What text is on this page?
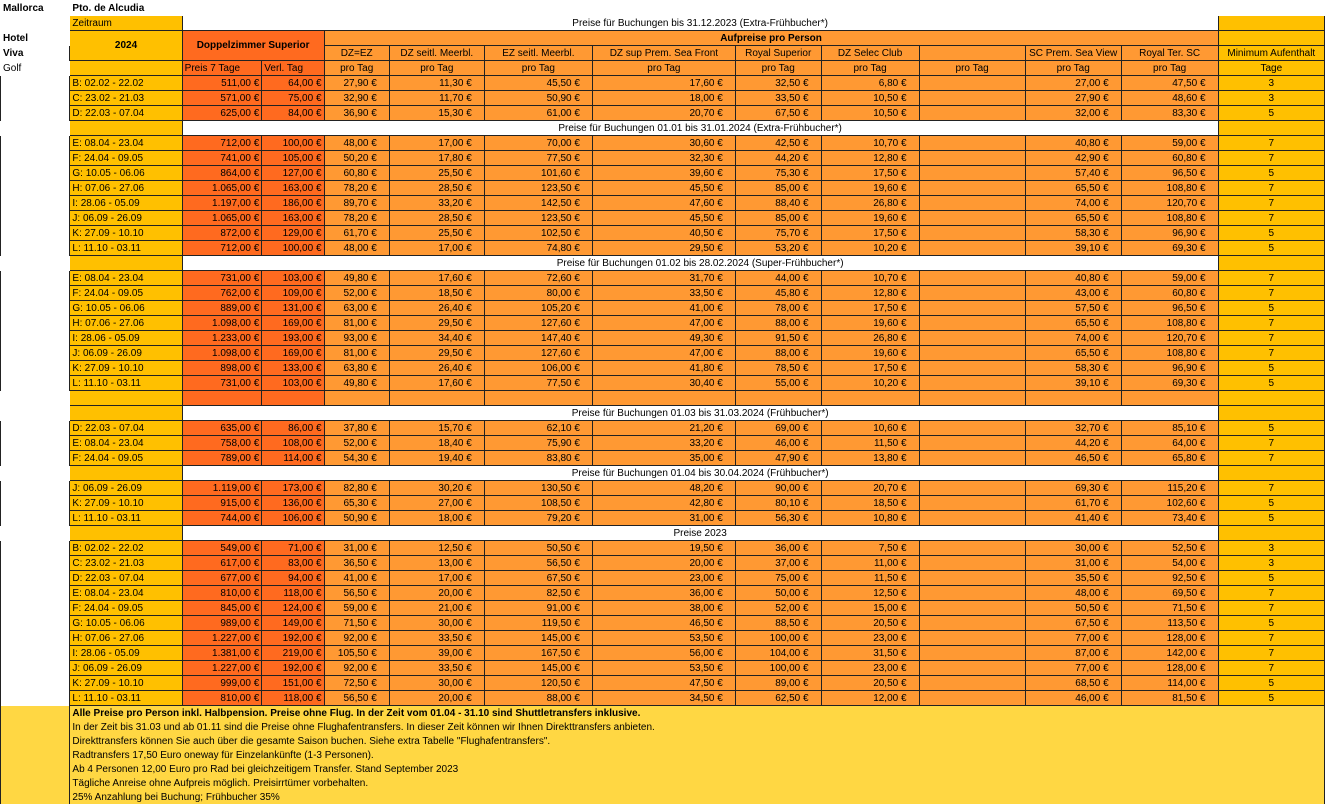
Mallorca	Pto. de Alcudia												
	Zeitraum	Preise für Buchungen bis 31.12.2023 (Extra-Frühbucher*)											
Hotel	2024	Doppelzimmer Superior		Aufpreise pro Person									
Viva				DZ=EZ	DZ seitl. Meerbl.	EZ seitl. Meerbl.	DZ sup Prem. Sea Front	Royal Superior	DZ Selec Club		SC Prem. Sea View	Royal Ter. SC	Minimum Aufenthalt
Golf		Preis 7 Tage	Verl. Tag	pro Tag	pro Tag	pro Tag	pro Tag	pro Tag	pro Tag	pro Tag	pro Tag	pro Tag	Tage
	B: 02.02 - 22.02	511,00 €	64,00 €	27,90 €	11,30 €	45,50 €	17,60 €	32,50 €	6,80 €		27,00 €	47,50 €	3
	C: 23.02 - 21.03	571,00 €	75,00 €	32,90 €	11,70 €	50,90 €	18,00 €	33,50 €	10,50 €		27,90 €	48,60 €	3
	D: 22.03 - 07.04	625,00 €	84,00 €	36,90 €	15,30 €	61,00 €	20,70 €	67,50 €	10,50 €		32,00 €	83,30 €	5
		Preise für Buchungen 01.01 bis 31.01.2024 (Extra-Frühbucher*)											
	E: 08.04 - 23.04	712,00 €	100,00 €	48,00 €	17,00 €	70,00 €	30,60 €	42,50 €	10,70 €		40,80 €	59,00 €	7
	F: 24.04 - 09.05	741,00 €	105,00 €	50,20 €	17,80 €	77,50 €	32,30 €	44,20 €	12,80 €		42,90 €	60,80 €	7
	G: 10.05 - 06.06	864,00 €	127,00 €	60,80 €	25,50 €	101,60 €	39,60 €	75,30 €	17,50 €		57,40 €	96,50 €	5
	H: 07.06 - 27.06	1.065,00 €	163,00 €	78,20 €	28,50 €	123,50 €	45,50 €	85,00 €	19,60 €		65,50 €	108,80 €	7
	I: 28.06 - 05.09	1.197,00 €	186,00 €	89,70 €	33,20 €	142,50 €	47,60 €	88,40 €	26,80 €		74,00 €	120,70 €	7
	J: 06.09 - 26.09	1.065,00 €	163,00 €	78,20 €	28,50 €	123,50 €	45,50 €	85,00 €	19,60 €		65,50 €	108,80 €	7
	K: 27.09 - 10.10	872,00 €	129,00 €	61,70 €	25,50 €	102,50 €	40,50 €	75,70 €	17,50 €		58,30 €	96,90 €	5
	L: 11.10 - 03.11	712,00 €	100,00 €	48,00 €	17,00 €	74,80 €	29,50 €	53,20 €	10,20 €		39,10 €	69,30 €	5
		Preise für Buchungen 01.02 bis 28.02.2024 (Super-Frühbucher*)											
	E: 08.04 - 23.04	731,00 €	103,00 €	49,80 €	17,60 €	72,60 €	31,70 €	44,00 €	10,70 €		40,80 €	59,00 €	7
	F: 24.04 - 09.05	762,00 €	109,00 €	52,00 €	18,50 €	80,00 €	33,50 €	45,80 €	12,80 €		43,00 €	60,80 €	7
	G: 10.05 - 06.06	889,00 €	131,00 €	63,00 €	26,40 €	105,20 €	41,00 €	78,00 €	17,50 €		57,50 €	96,50 €	5
	H: 07.06 - 27.06	1.098,00 €	169,00 €	81,00 €	29,50 €	127,60 €	47,00 €	88,00 €	19,60 €		65,50 €	108,80 €	7
	I: 28.06 - 05.09	1.233,00 €	193,00 €	93,00 €	34,40 €	147,40 €	49,30 €	91,50 €	26,80 €		74,00 €	120,70 €	7
	J: 06.09 - 26.09	1.098,00 €	169,00 €	81,00 €	29,50 €	127,60 €	47,00 €	88,00 €	19,60 €		65,50 €	108,80 €	7
	K: 27.09 - 10.10	898,00 €	133,00 €	63,80 €	26,40 €	106,00 €	41,80 €	78,50 €	17,50 €		58,30 €	96,90 €	5
	L: 11.10 - 03.11	731,00 €	103,00 €	49,80 €	17,60 €	77,50 €	30,40 €	55,00 €	10,20 €		39,10 €	69,30 €	5

		Preise für Buchungen 01.03 bis 31.03.2024 (Frühbucher*)											
	D: 22.03 - 07.04	635,00 €	86,00 €	37,80 €	15,70 €	62,10 €	21,20 €	69,00 €	10,60 €		32,70 €	85,10 €	5
	E: 08.04 - 23.04	758,00 €	108,00 €	52,00 €	18,40 €	75,90 €	33,20 €	46,00 €	11,50 €		44,20 €	64,00 €	7
	F: 24.04 - 09.05	789,00 €	114,00 €	54,30 €	19,40 €	83,80 €	35,00 €	47,90 €	13,80 €		46,50 €	65,80 €	7
		Preise für Buchungen 01.04 bis 30.04.2024 (Frühbucher*)											
	J: 06.09 - 26.09	1.119,00 €	173,00 €	82,80 €	30,20 €	130,50 €	48,20 €	90,00 €	20,70 €		69,30 €	115,20 €	7
	K: 27.09 - 10.10	915,00 €	136,00 €	65,30 €	27,00 €	108,50 €	42,80 €	80,10 €	18,50 €		61,70 €	102,60 €	5
	L: 11.10 - 03.11	744,00 €	106,00 €	50,90 €	18,00 €	79,20 €	31,00 €	56,30 €	10,80 €		41,40 €	73,40 €	5
		Preise 2023											
	B: 02.02 - 22.02	549,00 €	71,00 €	31,00 €	12,50 €	50,50 €	19,50 €	36,00 €	7,50 €		30,00 €	52,50 €	3
	C: 23.02 - 21.03	617,00 €	83,00 €	36,50 €	13,00 €	56,50 €	20,00 €	37,00 €	11,00 €		31,00 €	54,00 €	3
	D: 22.03 - 07.04	677,00 €	94,00 €	41,00 €	17,00 €	67,50 €	23,00 €	75,00 €	11,50 €		35,50 €	92,50 €	5
	E: 08.04 - 23.04	810,00 €	118,00 €	56,50 €	20,00 €	82,50 €	36,00 €	50,00 €	12,50 €		48,00 €	69,50 €	7
	F: 24.04 - 09.05	845,00 €	124,00 €	59,00 €	21,00 €	91,00 €	38,00 €	52,00 €	15,00 €		50,50 €	71,50 €	7
	G: 10.05 - 06.06	989,00 €	149,00 €	71,50 €	30,00 €	119,50 €	46,50 €	88,50 €	20,50 €		67,50 €	113,50 €	5
	H: 07.06 - 27.06	1.227,00 €	192,00 €	92,00 €	33,50 €	145,00 €	53,50 €	100,00 €	23,00 €		77,00 €	128,00 €	7
	I: 28.06 - 05.09	1.381,00 €	219,00 €	105,50 €	39,00 €	167,50 €	56,00 €	104,00 €	31,50 €		87,00 €	142,00 €	7
	J: 06.09 - 26.09	1.227,00 €	192,00 €	92,00 €	33,50 €	145,00 €	53,50 €	100,00 €	23,00 €		77,00 €	128,00 €	7
	K: 27.09 - 10.10	999,00 €	151,00 €	72,50 €	30,00 €	120,50 €	47,50 €	89,00 €	20,50 €		68,50 €	114,00 €	5
	L: 11.10 - 03.11	810,00 €	118,00 €	56,50 €	20,00 €	88,00 €	34,50 €	62,50 €	12,00 €		46,00 €	81,50 €	5
	Alle Preise pro Person inkl. Halbpension. Preise ohne Flug. In der Zeit vom 01.04 - 31.10 sind Shuttletransfers inklusive.												
	In der Zeit bis 31.03 und ab 01.11 sind die Preise ohne Flughafentransfers. In dieser Zeit können wir Ihnen Direkttransfers anbieten.												
	Direkttransfers können Sie auch über die gesamte Saison buchen. Siehe extra Tabelle "Flughafentransfers".												
	Radtransfers 17,50 Euro oneway für Einzelankünfte (1-3 Personen).												
	Ab 4 Personen 12,00 Euro pro Rad bei gleichzeitigem Transfer. Stand September 2023												
	Tägliche Anreise ohne Aufpreis möglich. Preisirrtümer vorbehalten.												
	25% Anzahlung bei Buchung; Frühbucher 35%												
